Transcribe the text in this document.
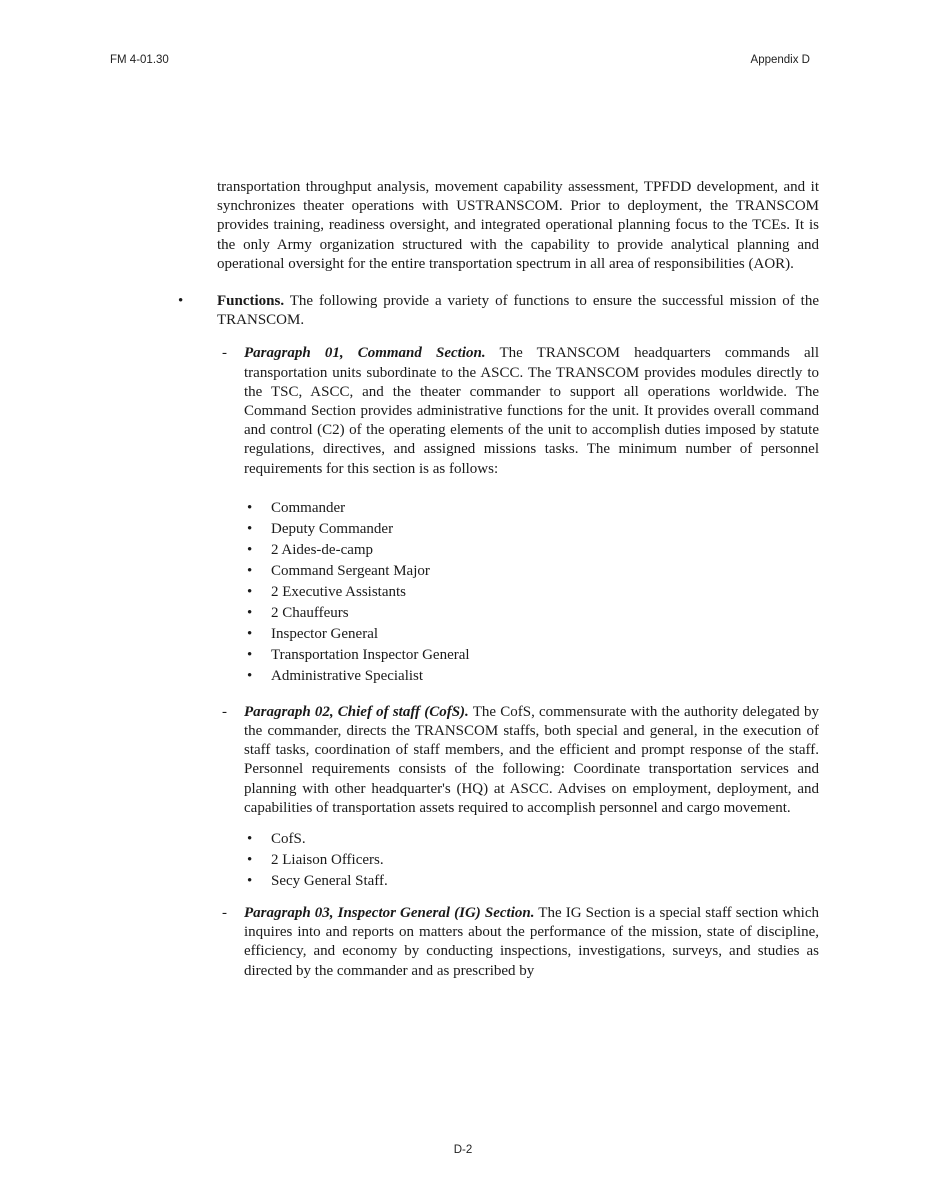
FM 4-01.30	Appendix D

transportation throughput analysis, movement capability assessment, TPFDD development, and it synchronizes theater operations with USTRANSCOM. Prior to deployment, the TRANSCOM provides training, readiness oversight, and integrated operational planning focus to the TCEs. It is the only Army organization structured with the capability to provide analytical planning and operational oversight for the entire transportation spectrum in all area of responsibilities (AOR).

• Functions. The following provide a variety of functions to ensure the successful mission of the TRANSCOM.

- Paragraph 01, Command Section. The TRANSCOM headquarters commands all transportation units subordinate to the ASCC. The TRANSCOM provides modules directly to the TSC, ASCC, and the theater commander to support all operations worldwide. The Command Section provides administrative functions for the unit. It provides overall command and control (C2) of the operating elements of the unit to accomplish duties imposed by statute regulations, directives, and assigned missions tasks. The minimum number of personnel requirements for this section is as follows:

• Commander
• Deputy Commander
• 2 Aides-de-camp
• Command Sergeant Major
• 2 Executive Assistants
• 2 Chauffeurs
• Inspector General
• Transportation Inspector General
• Administrative Specialist
- Paragraph 02, Chief of staff (CofS). The CofS, commensurate with the authority delegated by the commander, directs the TRANSCOM staffs, both special and general, in the execution of staff tasks, coordination of staff members, and the efficient and prompt response of the staff. Personnel requirements consists of the following: Coordinate transportation services and planning with other headquarter's (HQ) at ASCC. Advises on employment, deployment, and capabilities of transportation assets required to accomplish personnel and cargo movement.

• CofS.
• 2 Liaison Officers.
• Secy General Staff.
- Paragraph 03, Inspector General (IG) Section. The IG Section is a special staff section which inquires into and reports on matters about the performance of the mission, state of discipline, efficiency, and economy by conducting inspections, investigations, surveys, and studies as directed by the commander and as prescribed by

D-2
